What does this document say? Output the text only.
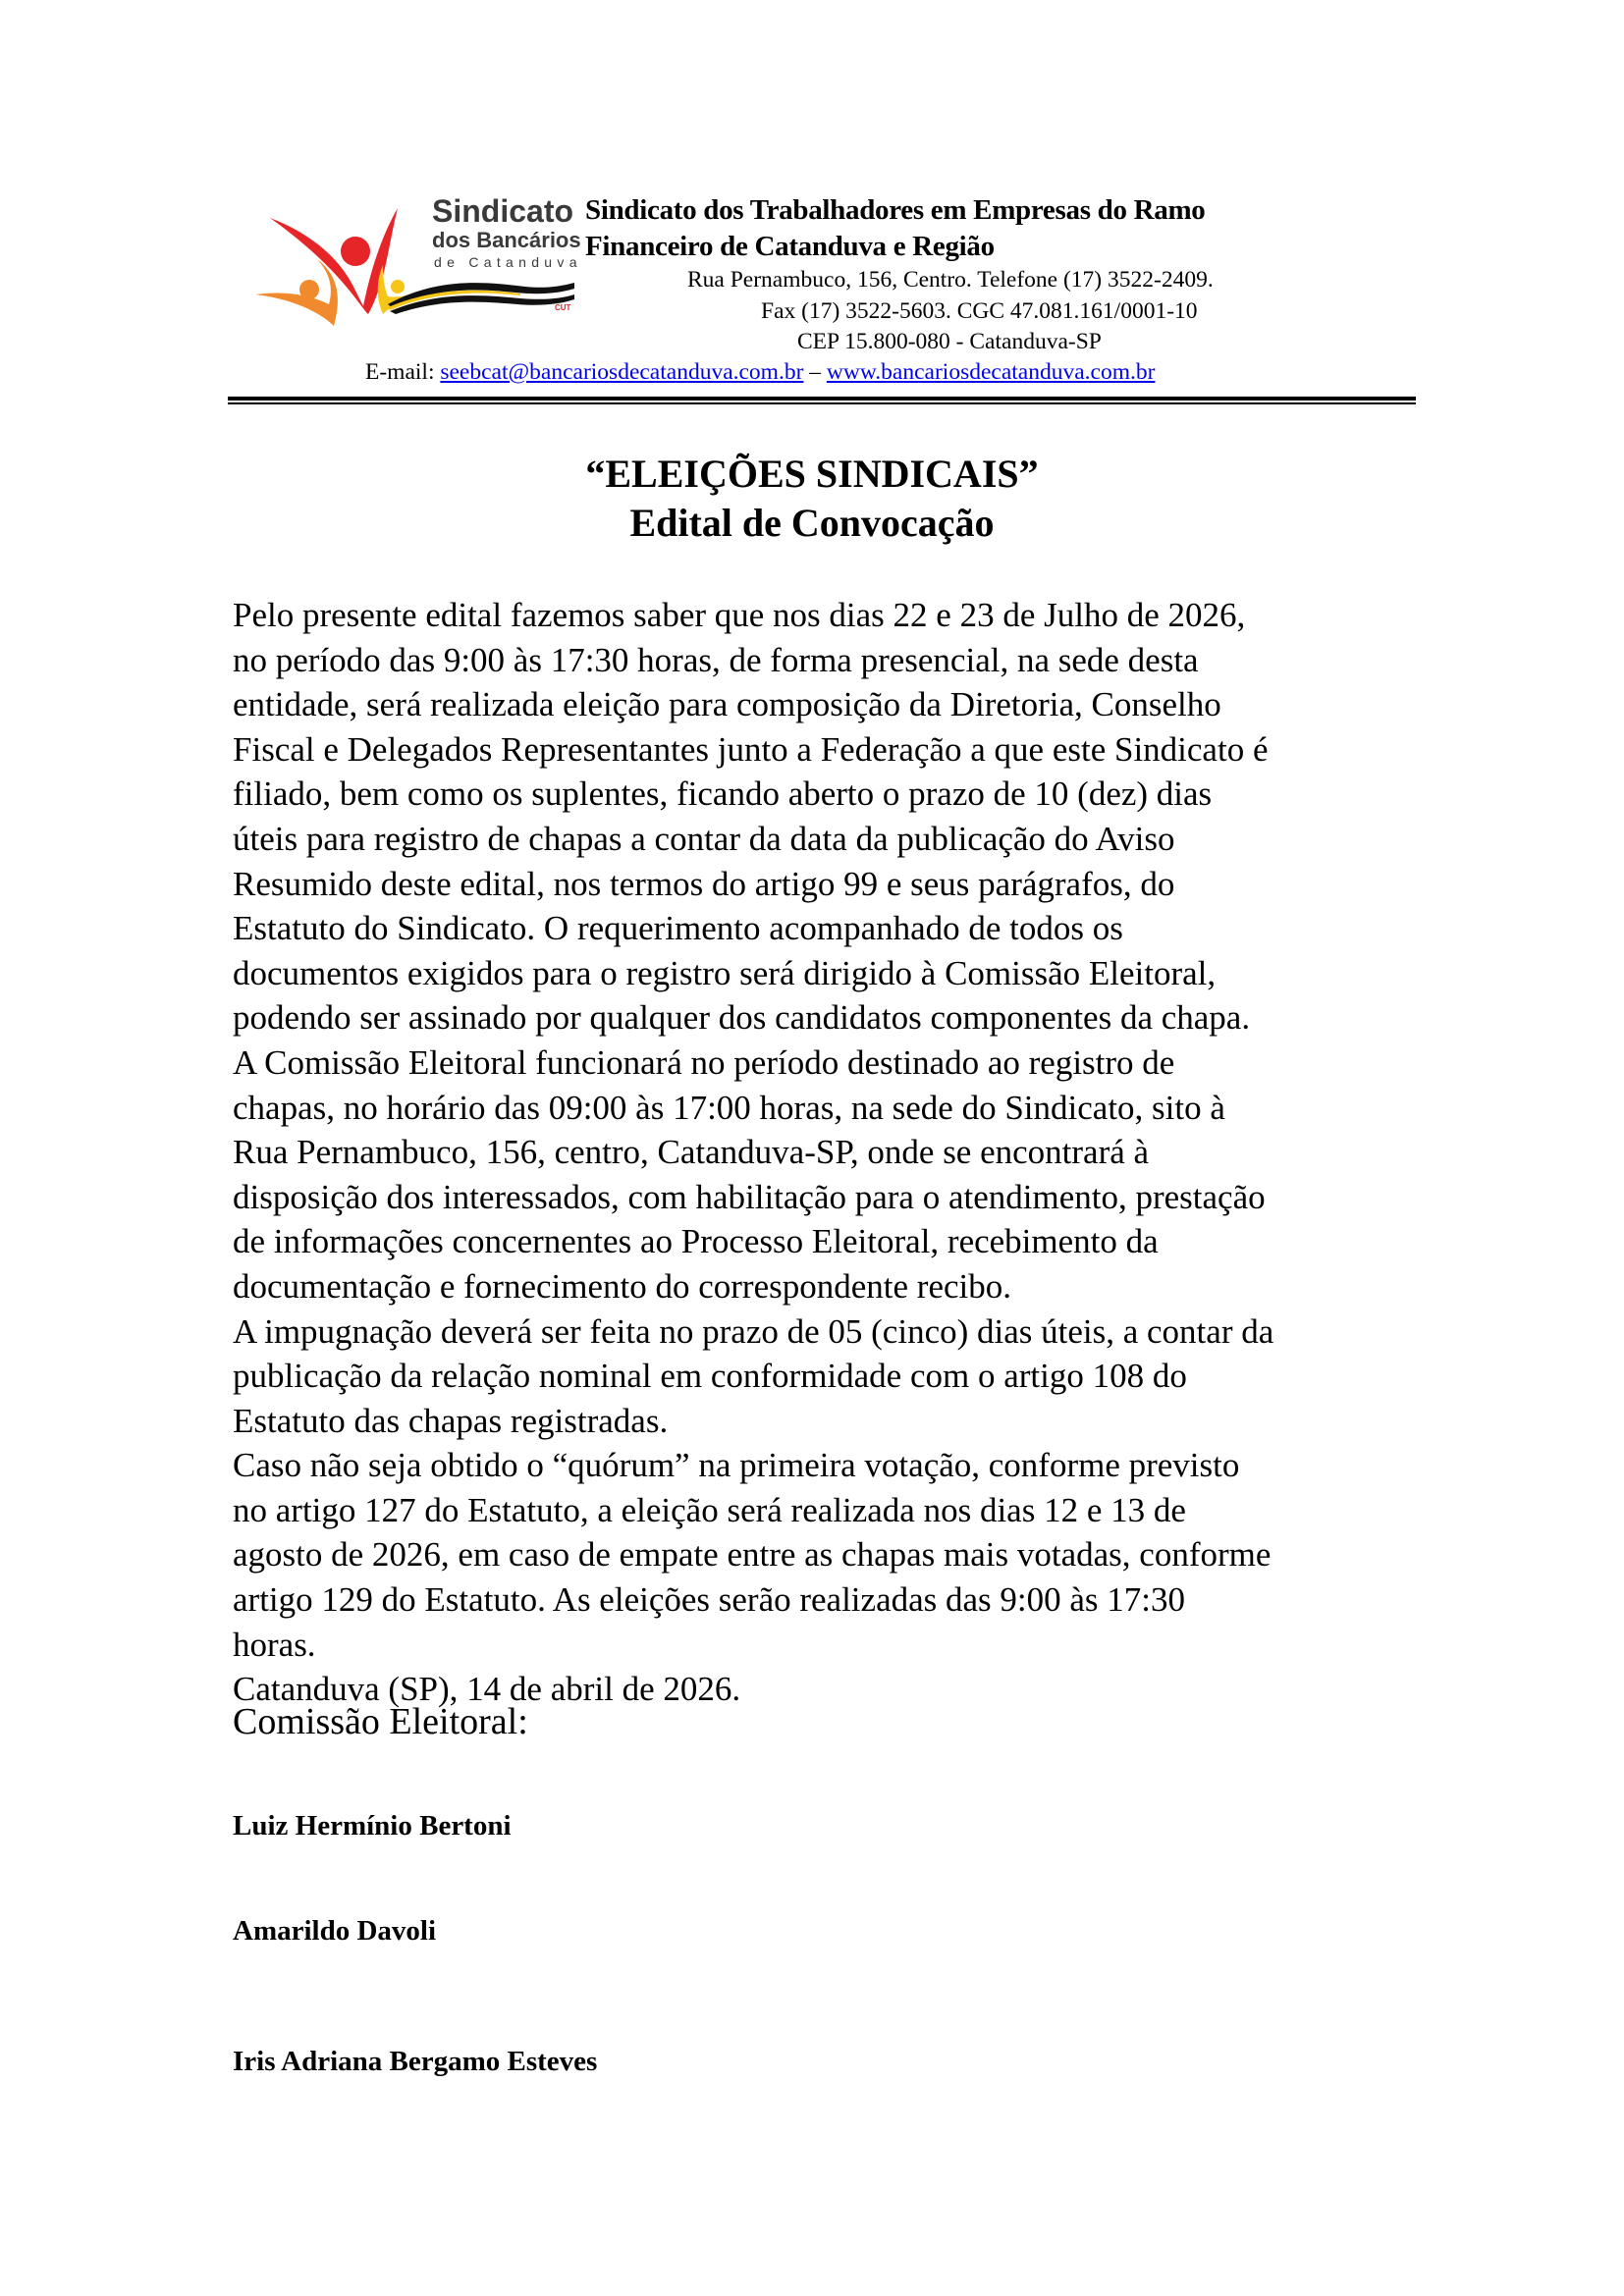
Sindicato
dos Bancários
de Catanduva
CUT
Sindicato dos Trabalhadores em Empresas do Ramo
Financeiro de Catanduva e Região
Rua Pernambuco, 156, Centro. Telefone (17) 3522-2409.
Fax (17) 3522-5603. CGC 47.081.161/0001-10
CEP 15.800-080 - Catanduva-SP
E-mail: seebcat@bancariosdecatanduva.com.br – www.bancariosdecatanduva.com.br
“ELEIÇÕES SINDICAIS”
Edital de Convocação
Pelo presente edital fazemos saber que nos dias 22 e 23 de Julho de 2026,
no período das 9:00 às 17:30 horas, de forma presencial, na sede desta
entidade, será realizada eleição para composição da Diretoria, Conselho
Fiscal e Delegados Representantes junto a Federação a que este Sindicato é
filiado, bem como os suplentes, ficando aberto o prazo de 10 (dez) dias
úteis para registro de chapas a contar da data da publicação do Aviso
Resumido deste edital, nos termos do artigo 99 e seus parágrafos, do
Estatuto do Sindicato. O requerimento acompanhado de todos os
documentos exigidos para o registro será dirigido à Comissão Eleitoral,
podendo ser assinado por qualquer dos candidatos componentes da chapa.
A Comissão Eleitoral funcionará no período destinado ao registro de
chapas, no horário das 09:00 às 17:00 horas, na sede do Sindicato, sito à
Rua Pernambuco, 156, centro, Catanduva-SP, onde se encontrará à
disposição dos interessados, com habilitação para o atendimento, prestação
de informações concernentes ao Processo Eleitoral, recebimento da
documentação e fornecimento do correspondente recibo.
A impugnação deverá ser feita no prazo de 05 (cinco) dias úteis, a contar da
publicação da relação nominal em conformidade com o artigo 108 do
Estatuto das chapas registradas.
Caso não seja obtido o “quórum” na primeira votação, conforme previsto
no artigo 127 do Estatuto, a eleição será realizada nos dias 12 e 13 de
agosto de 2026, em caso de empate entre as chapas mais votadas, conforme
artigo 129 do Estatuto. As eleições serão realizadas das 9:00 às 17:30
horas.
Catanduva (SP), 14 de abril de 2026.
Comissão Eleitoral:
Luiz Hermínio Bertoni
Amarildo Davoli
Iris Adriana Bergamo Esteves
